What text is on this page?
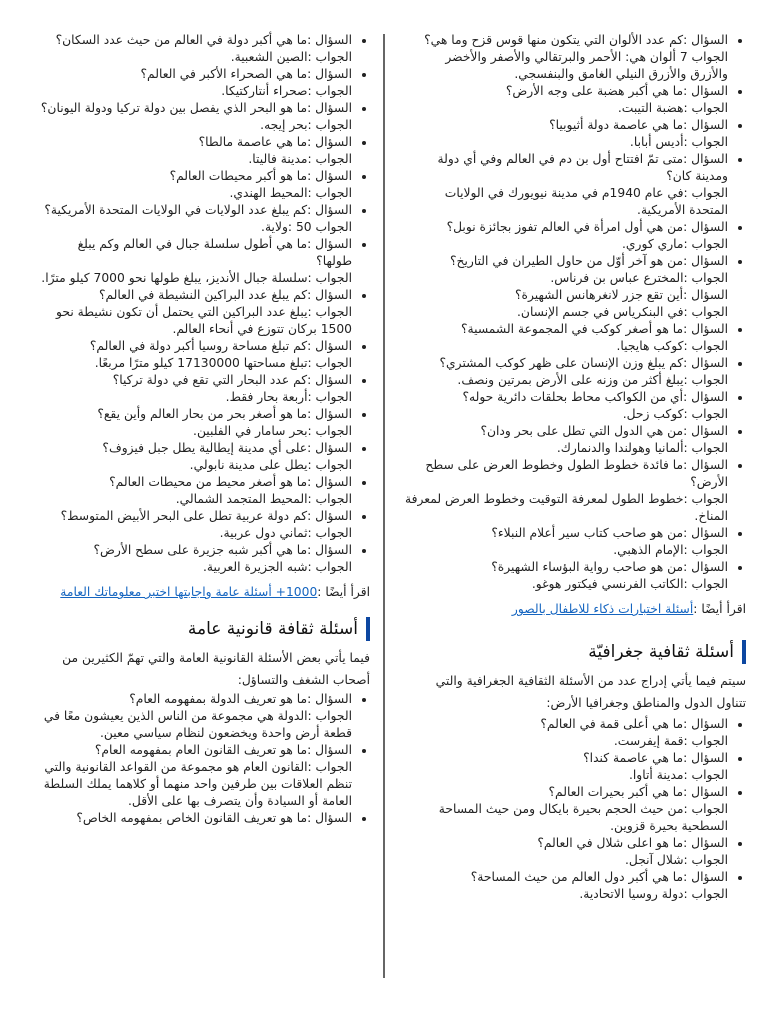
• السؤال :كم عدد الألوان التي يتكون منها قوس قزح وما هي؟
الجواب 7 ألوان هي: الأحمر والبرتقالي والأصفر والأخضر والأزرق والأزرق النيلي الغامق والبنفسجي.
• السؤال :ما هي أكبر هضبة على وجه الأرض؟
الجواب :هضبة التيبت.
• السؤال :ما هي عاصمة دولة أثيوبيا؟
الجواب :أديس أبابا.
• السؤال :متى تمّ افتتاح أول بن دم في العالم وفي أي دولة ومدينة كان؟
الجواب :في عام 1940م في مدينة نيويورك في الولايات المتحدة الأمريكية.
• السؤال :من هي أول امرأة في العالم تفوز بجائزة نوبل؟
الجواب :ماري كوري.
• السؤال :من هو آخر أوّل من حاول الطيران في التاريخ؟
الجواب :المخترع عباس بن فرناس.
السؤال :أين تقع جزر لانغرهانس الشهيرة؟
الجواب :في البنكرياس في جسم الإنسان.
• السؤال :ما هو أصغر كوكب في المجموعة الشمسية؟
الجواب :كوكب هايجيا.
• السؤال :كم يبلغ وزن الإنسان على ظهر كوكب المشتري؟
الجواب :يبلغ أكثر من وزنه على الأرض بمرتين ونصف.
• السؤال :أي من الكواكب محاط بحلقات دائرية حوله؟
الجواب :كوكب زحل.
• السؤال :من هي الدول التي تطل على بحر ودان؟
الجواب :ألمانيا وهولندا والدنمارك.
• السؤال :ما فائدة خطوط الطول وخطوط العرض على سطح الأرض؟
الجواب :خطوط الطول لمعرفة التوقيت وخطوط العرض لمعرفة المناخ.
• السؤال :من هو صاحب كتاب سير أعلام النبلاء؟
الجواب :الإمام الذهبي.
• السؤال :من هو صاحب رواية البؤساء الشهيرة؟
الجواب :الكاتب الفرنسي فيكتور هوغو.

اقرأ أيضًا :أسئلة اختبارات ذكاء للاطفال بالصور

أسئلة ثقافية جغرافيّة

سيتم فيما يأتي إدراج عدد من الأسئلة الثقافية الجغرافية والتي تتناول الدول والمناطق وجغرافيا الأرض:

• السؤال :ما هي أعلى قمة في العالم؟
الجواب :قمة إيفرست.
• السؤال :ما هي عاصمة كندا؟
الجواب :مدينة أتاوا.
• السؤال :ما هي أكبر بحيرات العالم؟
الجواب :من حيث الحجم بحيرة بايكال ومن حيث المساحة السطحية بحيرة قزوين.
• السؤال :ما هو اعلى شلال في العالم؟
الجواب :شلال آنجل.
• السؤال :ما هي أكبر دول العالم من حيث المساحة؟
الجواب :دولة روسيا الاتحادية.
• السؤال :ما هي أكبر دولة في العالم من حيث عدد السكان؟
الجواب :الصين الشعبية.
• السؤال :ما هي الصحراء الأكبر في العالم؟
الجواب :صحراء أنتاركتيكا.
• السؤال :ما هو البحر الذي يفصل بين دولة تركيا ودولة اليونان؟
الجواب :بحر إيجه.
• السؤال :ما هي عاصمة مالطا؟
الجواب :مدينة فاليتا.
• السؤال :ما هو أكبر محيطات العالم؟
الجواب :المحيط الهندي.
• السؤال :كم يبلغ عدد الولايات في الولايات المتحدة الأمريكية؟
الجواب 50 :ولاية.
• السؤال :ما هي أطول سلسلة جبال في العالم وكم يبلغ طولها؟
الجواب :سلسلة جبال الأنديز، يبلغ طولها نحو 7000 كيلو مترًا.
• السؤال :كم يبلغ عدد البراكين النشيطة في العالم؟
الجواب :يبلغ عدد البراكين التي يحتمل أن تكون نشيطة نحو 1500 بركان تتوزع في أنحاء العالم.
• السؤال :كم تبلغ مساحة روسيا أكبر دولة في العالم؟
الجواب :تبلغ مساحتها 17130000 كيلو مترًا مربعًا.
• السؤال :كم عدد البحار التي تقع في دولة تركيا؟
الجواب :أربعة بحار فقط.
• السؤال :ما هو أصغر بحر من بحار العالم وأين يقع؟
الجواب :بحر سامار في الفلبين.
• السؤال :على أي مدينة إيطالية يطل جبل فيزوف؟
الجواب :يطل على مدينة نابولي.
• السؤال :ما هو أصغر محيط من محيطات العالم؟
الجواب :المحيط المتجمد الشمالي.
• السؤال :كم دولة عربية تطل على البحر الأبيض المتوسط؟
الجواب :ثماني دول عربية.
• السؤال :ما هي أكبر شبه جزيرة على سطح الأرض؟
الجواب :شبه الجزيرة العربية.

اقرأ أيضًا :1000+ أسئلة عامة واجابتها اختبر معلوماتك العامة

أسئلة ثقافة قانونية عامة

فيما يأتي بعض الأسئلة القانونية العامة والتي تهمّ الكثيرين من أصحاب الشغف والتساؤل:

• السؤال :ما هو تعريف الدولة بمفهومه العام؟
الجواب :الدولة هي مجموعة من الناس الذين يعيشون معًا في قطعة أرض واحدة ويخضعون لنظام سياسي معين.
• السؤال :ما هو تعريف القانون العام بمفهومه العام؟
الجواب :القانون العام هو مجموعة من القواعد القانونية والتي تنظم العلاقات بين طرفين واحد منهما أو كلاهما يملك السلطة العامة أو السيادة وأن يتصرف بها على الأقل.
• السؤال :ما هو تعريف القانون الخاص بمفهومه الخاص؟
